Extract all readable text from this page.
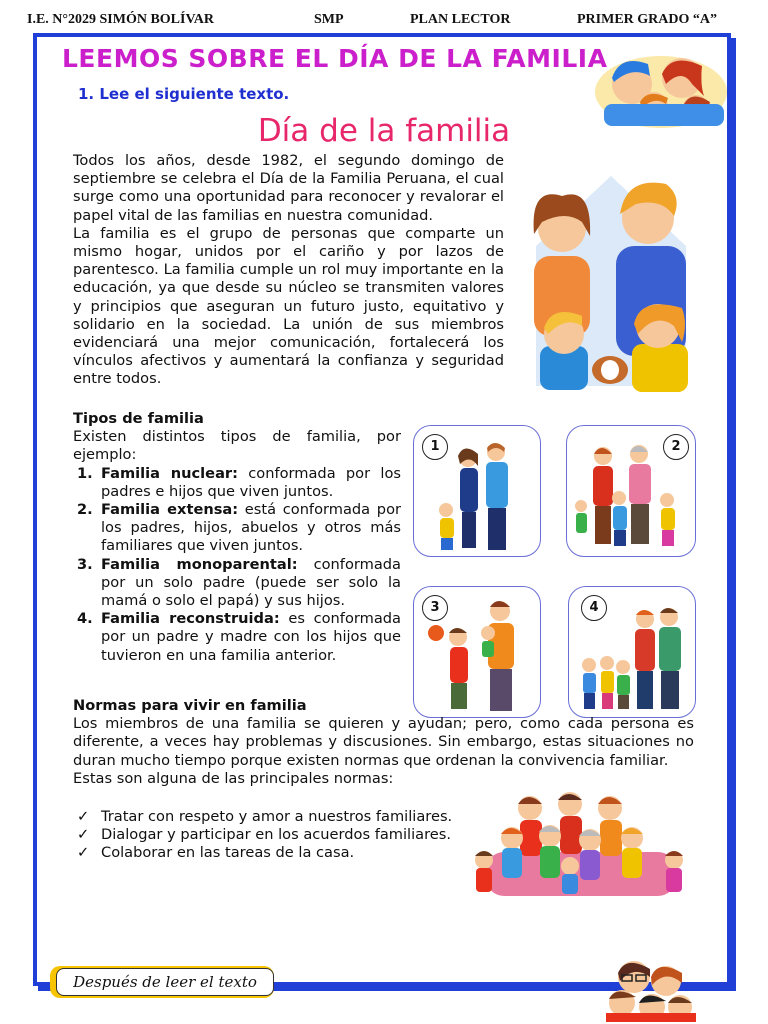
I.E. N°2029 SIMÓN BOLÍVAR	SMP	PLAN LECTOR	PRIMER GRADO “A”
LEEMOS SOBRE EL DÍA DE LA FAMILIA
1. Lee el siguiente texto.
Día de la familia

Todos los años, desde 1982, el segundo domingo de septiembre se celebra el Día de la Familia Peruana, el cual surge como una oportunidad para reconocer y revalorar el papel vital de las familias en nuestra comunidad.

La familia es el grupo de personas que comparte un mismo hogar, unidos por el cariño y por lazos de parentesco. La familia cumple un rol muy importante en la educación, ya que desde su núcleo se transmiten valores y principios que aseguran un futuro justo, equitativo y solidario en la sociedad. La unión de sus miembros evidenciará una mejor comunicación, fortalecerá los vínculos afectivos y aumentará la confianza y seguridad entre todos.

Tipos de familia

Existen distintos tipos de familia, por ejemplo:

1. Familia nuclear: conformada por los padres e hijos que viven juntos.
2. Familia extensa: está conformada por los padres, hijos, abuelos y otros más familiares que viven juntos.
3. Familia monoparental: conformada por un solo padre (puede ser solo la mamá o solo el papá) y sus hijos.
4. Familia reconstruida: es conformada por un padre y madre con los hijos que tuvieron en una familia anterior.
1	2
3	4

Normas para vivir en familia

Los miembros de una familia se quieren y ayudan; pero, como cada persona es diferente, a veces hay problemas y discusiones. Sin embargo, estas situaciones no duran mucho tiempo porque existen normas que ordenan la convivencia familiar.

Estas son alguna de las principales normas:

✓ Tratar con respeto y amor a nuestros familiares.
✓ Dialogar y participar en los acuerdos familiares.
✓ Colaborar en las tareas de la casa.
Después de leer el texto
